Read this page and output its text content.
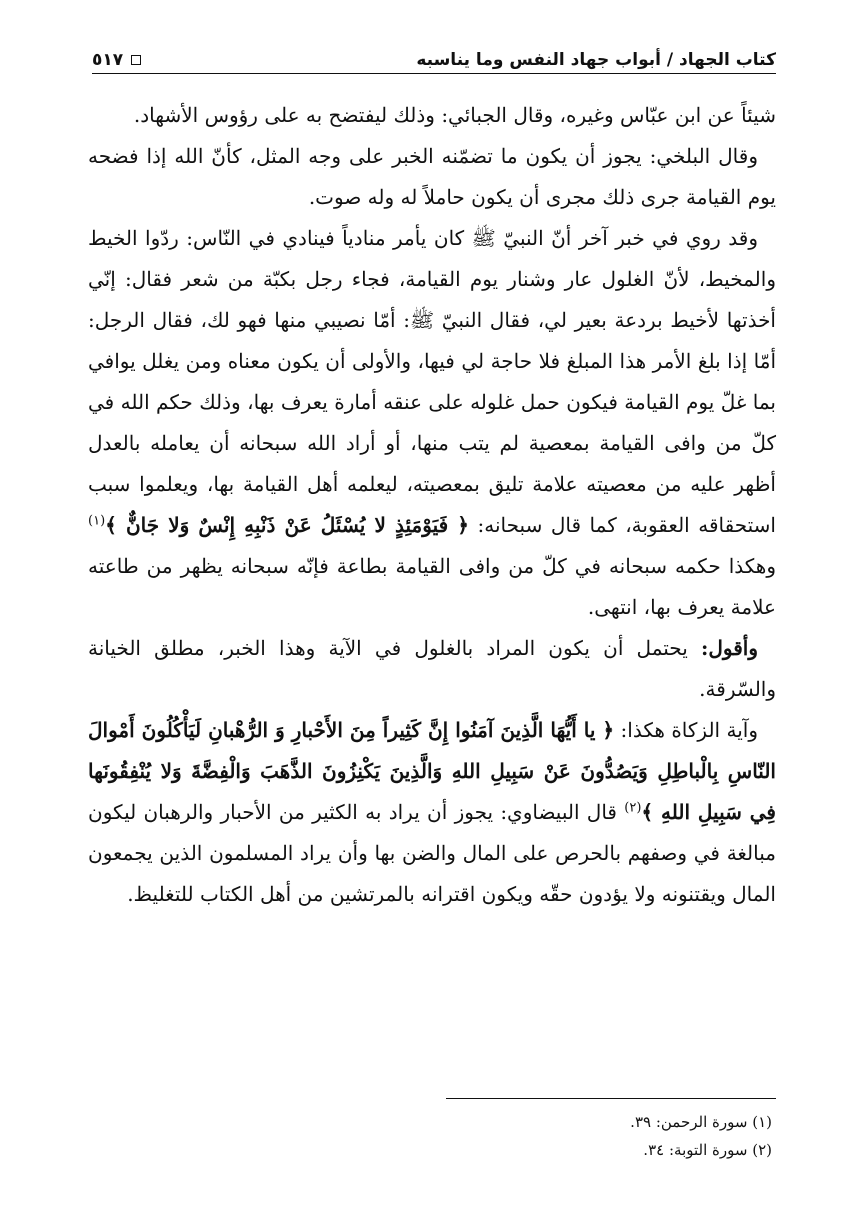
كتاب الجهاد / أبواب جهاد النفس وما يناسبه
٥١٧

شيئاً عن ابن عبّاس وغيره، وقال الجبائي: وذلك ليفتضح به على رؤوس الأشهاد.

وقال البلخي: يجوز أن يكون ما تضمّنه الخبر على وجه المثل، كأنّ الله إذا فضحه يوم القيامة جرى ذلك مجرى أن يكون حاملاً له وله صوت.

وقد روي في خبر آخر أنّ النبيّ ﷺ كان يأمر منادياً فينادي في النّاس: ردّوا الخيط والمخيط، لأنّ الغلول عار وشنار يوم القيامة، فجاء رجل بكبّة من شعر فقال: إنّي أخذتها لأخيط بردعة بعير لي، فقال النبيّ ﷺ: أمّا نصيبي منها فهو لك، فقال الرجل: أمّا إذا بلغ الأمر هذا المبلغ فلا حاجة لي فيها، والأولى أن يكون معناه ومن يغلل يوافي بما غلّ يوم القيامة فيكون حمل غلوله على عنقه أمارة يعرف بها، وذلك حكم الله في كلّ من وافى القيامة بمعصية لم يتب منها، أو أراد الله سبحانه أن يعامله بالعدل أظهر عليه من معصيته علامة تليق بمعصيته، ليعلمه أهل القيامة بها، ويعلموا سبب استحقاقه العقوبة، كما قال سبحانه: ﴿ فَيَوْمَئِذٍ لا يُسْئَلُ عَنْ ذَنْبِهِ إِنْسٌ وَلا جَانٌّ ﴾$^{(١)}$ وهكذا حكمه سبحانه في كلّ من وافى القيامة بطاعة فإنّه سبحانه يظهر من طاعته علامة يعرف بها، انتهى.

وأقول: يحتمل أن يكون المراد بالغلول في الآية وهذا الخبر، مطلق الخيانة والسّرقة.

وآية الزكاة هكذا: ﴿ يا أَيُّهَا الَّذِينَ آمَنُوا إِنَّ كَثِيراً مِنَ الأَحْبارِ وَ الرُّهْبانِ لَيَأْكُلُونَ أَمْوالَ النّاسِ بِالْباطِلِ وَيَصُدُّونَ عَنْ سَبِيلِ اللهِ وَالَّذِينَ يَكْنِزُونَ الذَّهَبَ وَالْفِضَّةَ وَلا يُنْفِقُونَها فِي سَبِيلِ اللهِ ﴾$^{(٢)}$ قال البيضاوي: يجوز أن يراد به الكثير من الأحبار والرهبان ليكون مبالغة في وصفهم بالحرص على المال والضن بها وأن يراد المسلمون الذين يجمعون المال ويقتنونه ولا يؤدون حقّه ويكون اقترانه بالمرتشين من أهل الكتاب للتغليظ.

(١) سورة الرحمن: ٣٩.
(٢) سورة التوبة: ٣٤.
